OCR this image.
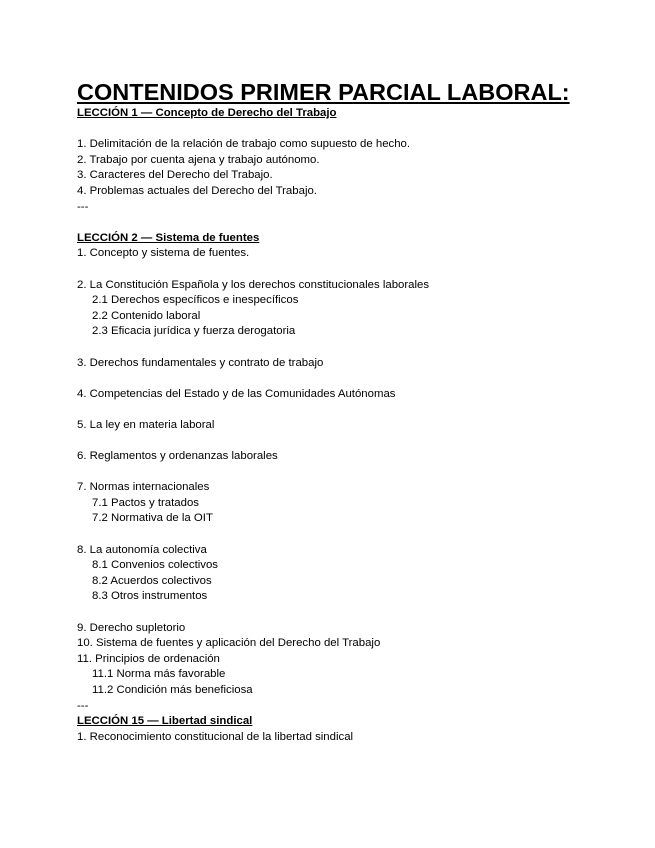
CONTENIDOS PRIMER PARCIAL LABORAL:
LECCIÓN 1 — Concepto de Derecho del Trabajo
1. Delimitación de la relación de trabajo como supuesto de hecho.
2. Trabajo por cuenta ajena y trabajo autónomo.
3. Caracteres del Derecho del Trabajo.
4. Problemas actuales del Derecho del Trabajo.
---
LECCIÓN 2 — Sistema de fuentes
1. Concepto y sistema de fuentes.
2. La Constitución Española y los derechos constitucionales laborales
2.1 Derechos específicos e inespecíficos
2.2 Contenido laboral
2.3 Eficacia jurídica y fuerza derogatoria
3. Derechos fundamentales y contrato de trabajo
4. Competencias del Estado y de las Comunidades Autónomas
5. La ley en materia laboral
6. Reglamentos y ordenanzas laborales
7. Normas internacionales
7.1 Pactos y tratados
7.2 Normativa de la OIT
8. La autonomía colectiva
8.1 Convenios colectivos
8.2 Acuerdos colectivos
8.3 Otros instrumentos
9. Derecho supletorio
10. Sistema de fuentes y aplicación del Derecho del Trabajo
11. Principios de ordenación
11.1 Norma más favorable
11.2 Condición más beneficiosa
---
LECCIÓN 15 — Libertad sindical
1. Reconocimiento constitucional de la libertad sindical
